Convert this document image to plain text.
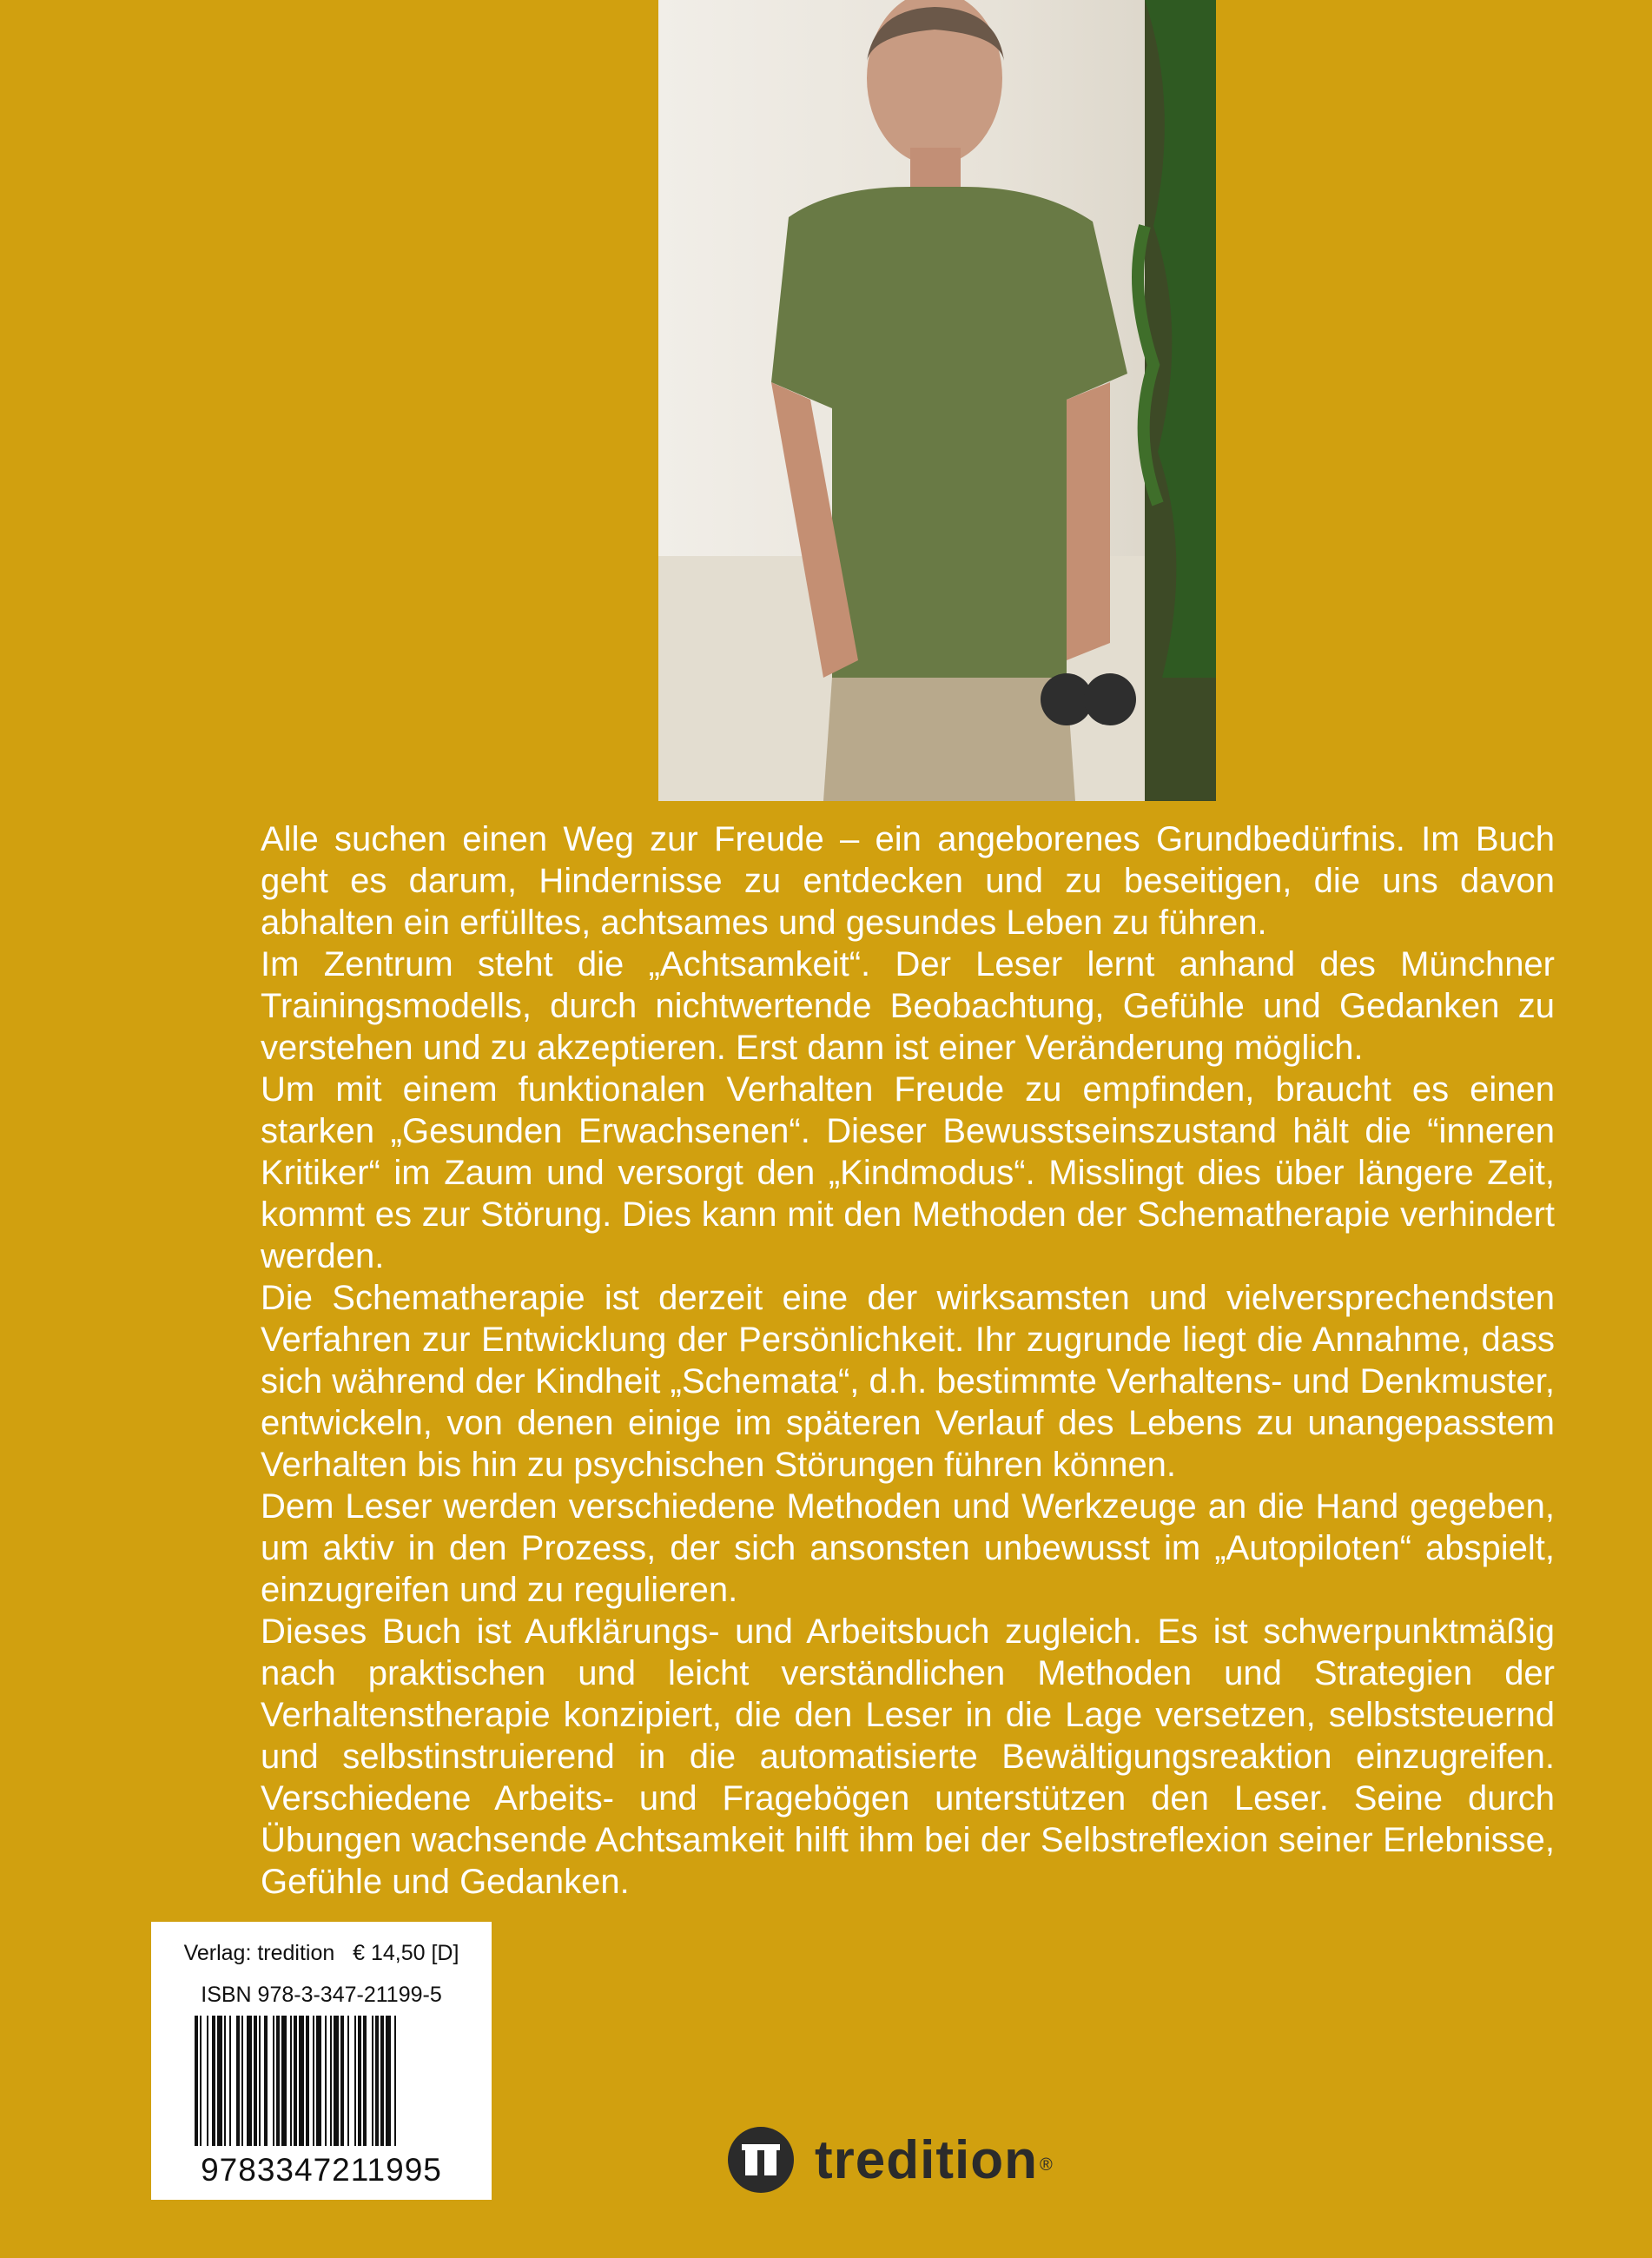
Alle suchen einen Weg zur Freude – ein angeborenes Grundbedürfnis. Im Buch geht es darum, Hindernisse zu entdecken und zu beseitigen, die uns davon abhalten ein erfülltes, achtsames und gesundes Leben zu führen.

Im Zentrum steht die „Achtsamkeit“. Der Leser lernt anhand des Münchner Trainingsmodells, durch nichtwertende Beobachtung, Gefühle und Gedanken zu verstehen und zu akzeptieren. Erst dann ist einer Veränderung möglich.

Um mit einem funktionalen Verhalten Freude zu empfinden, braucht es einen starken „Gesunden Erwachsenen“. Dieser Bewusstseinszustand hält die “inneren Kritiker“ im Zaum und versorgt den „Kindmodus“. Misslingt dies über längere Zeit, kommt es zur Störung. Dies kann mit den Methoden der Schematherapie verhindert werden.

Die Schematherapie ist derzeit eine der wirksamsten und vielversprechendsten Verfahren zur Entwicklung der Persönlichkeit. Ihr zugrunde liegt die Annahme, dass sich während der Kindheit „Schemata“, d.h. bestimmte Verhaltens- und Denkmuster, entwickeln, von denen einige im späteren Verlauf des Lebens zu unangepasstem Verhalten bis hin zu psychischen Störungen führen können.

Dem Leser werden verschiedene Methoden und Werkzeuge an die Hand gegeben, um aktiv in den Prozess, der sich ansonsten unbewusst im „Autopiloten“ abspielt, einzugreifen und zu regulieren.

Dieses Buch ist Aufklärungs- und Arbeitsbuch zugleich. Es ist schwerpunktmäßig nach praktischen und leicht verständlichen Methoden und Strategien der Verhaltenstherapie konzipiert, die den Leser in die Lage versetzen, selbststeuernd und selbstinstruierend in die automatisierte Bewältigungsreaktion einzugreifen. Verschiedene Arbeits- und Fragebögen unterstützen den Leser. Seine durch Übungen wachsende Achtsamkeit hilft ihm bei der Selbstreflexion seiner Erlebnisse, Gefühle und Gedanken.

Verlag: tredition   € 14,50 [D]
ISBN 978-3-347-21199-5
9783347211995	tredition ®
